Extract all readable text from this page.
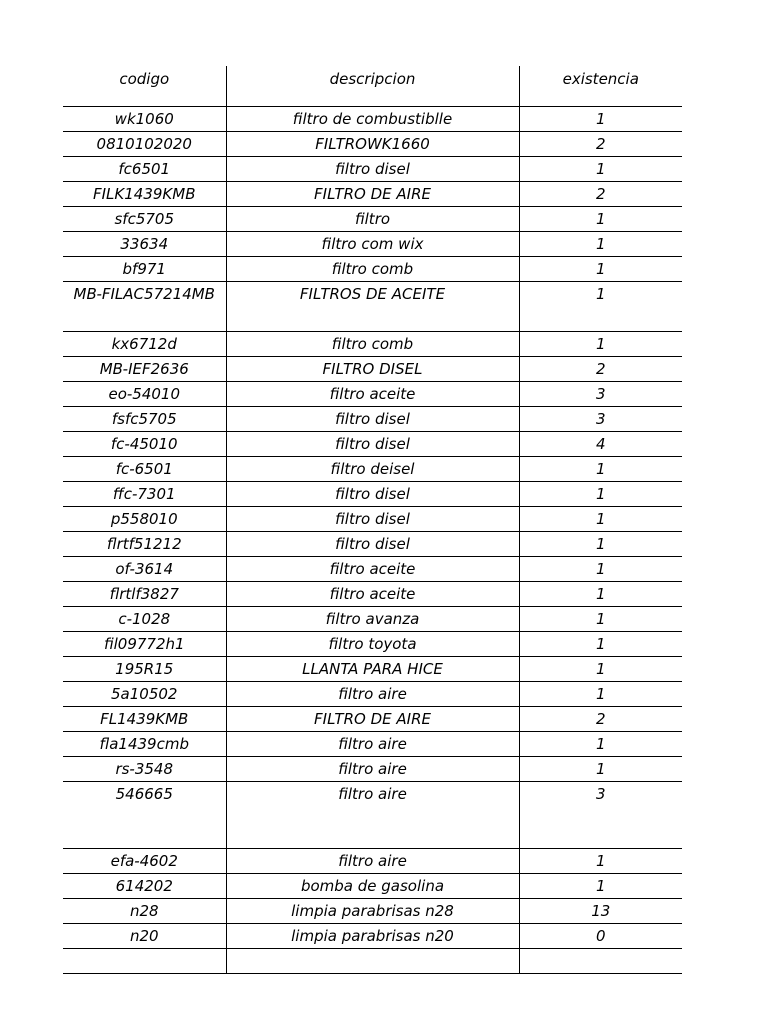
codigo	descripcion	existencia
wk1060	filtro de combustiblle	1
0810102020	FILTROWK1660	2
fc6501	filtro disel	1
FILK1439KMB	FILTRO DE AIRE	2
sfc5705	filtro	1
33634	filtro com wix	1
bf971	filtro comb	1
MB-FILAC57214MB	FILTROS DE ACEITE	1
kx6712d	filtro comb	1
MB-IEF2636	FILTRO DISEL	2
eo-54010	filtro aceite	3
fsfc5705	filtro disel	3
fc-45010	filtro disel	4
fc-6501	filtro deisel	1
ffc-7301	filtro disel	1
p558010	filtro disel	1
flrtf51212	filtro disel	1
of-3614	filtro aceite	1
flrtlf3827	filtro aceite	1
c-1028	filtro avanza	1
fil09772h1	filtro toyota	1
195R15	LLANTA PARA HICE	1
5a10502	filtro aire	1
FL1439KMB	FILTRO DE AIRE	2
fla1439cmb	filtro aire	1
rs-3548	filtro aire	1
546665	filtro aire	3
efa-4602	filtro aire	1
614202	bomba de gasolina	1
n28	limpia parabrisas n28	13
n20	limpia parabrisas n20	0
